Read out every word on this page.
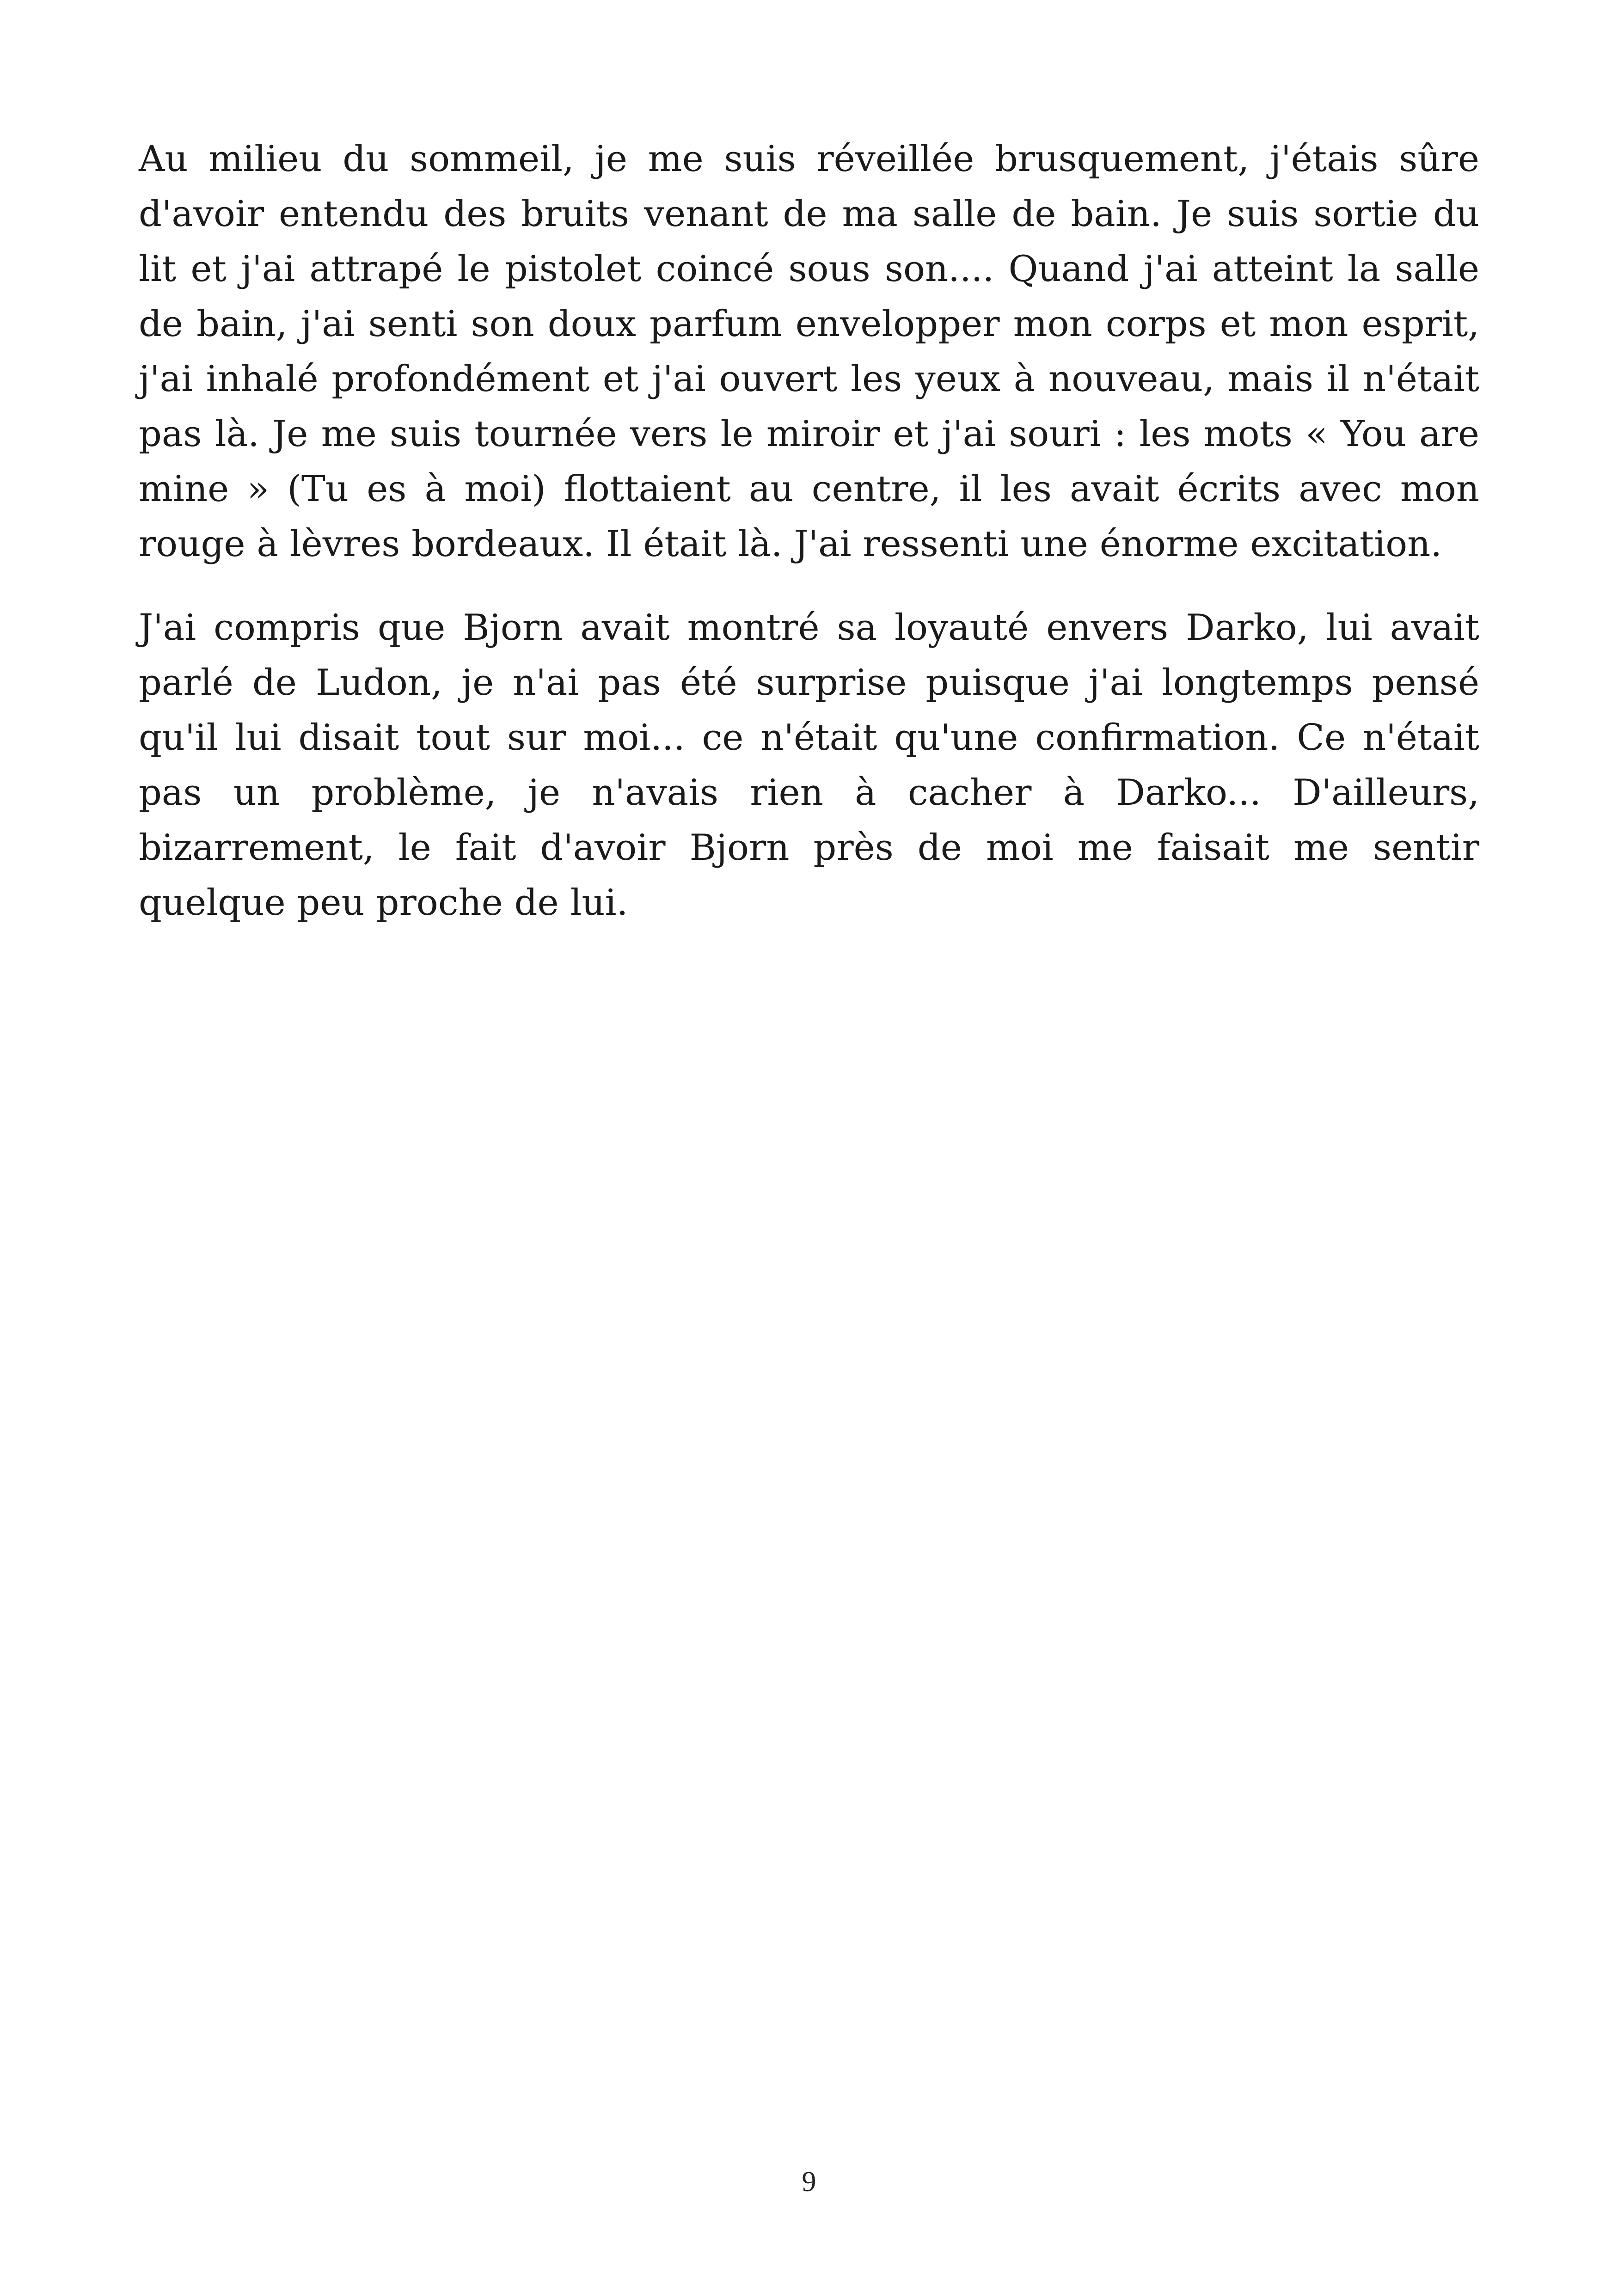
Au milieu du sommeil, je me suis réveillée brusquement, j'étais sûre d'avoir entendu des bruits venant de ma salle de bain. Je suis sortie du lit et j'ai attrapé le pistolet coincé sous son.... Quand j'ai atteint la salle de bain, j'ai senti son doux parfum envelopper mon corps et mon esprit, j'ai inhalé profondément et j'ai ouvert les yeux à nouveau, mais il n'était pas là. Je me suis tournée vers le miroir et j'ai souri : les mots « You are mine » (Tu es à moi) flottaient au centre, il les avait écrits avec mon rouge à lèvres bordeaux. Il était là. J'ai ressenti une énorme excitation.

J'ai compris que Bjorn avait montré sa loyauté envers Darko, lui avait parlé de Ludon, je n'ai pas été surprise puisque j'ai longtemps pensé qu'il lui disait tout sur moi... ce n'était qu'une confirmation. Ce n'était pas un problème, je n'avais rien à cacher à Darko... D'ailleurs, bizarrement, le fait d'avoir Bjorn près de moi me faisait me sentir quelque peu proche de lui.

9
